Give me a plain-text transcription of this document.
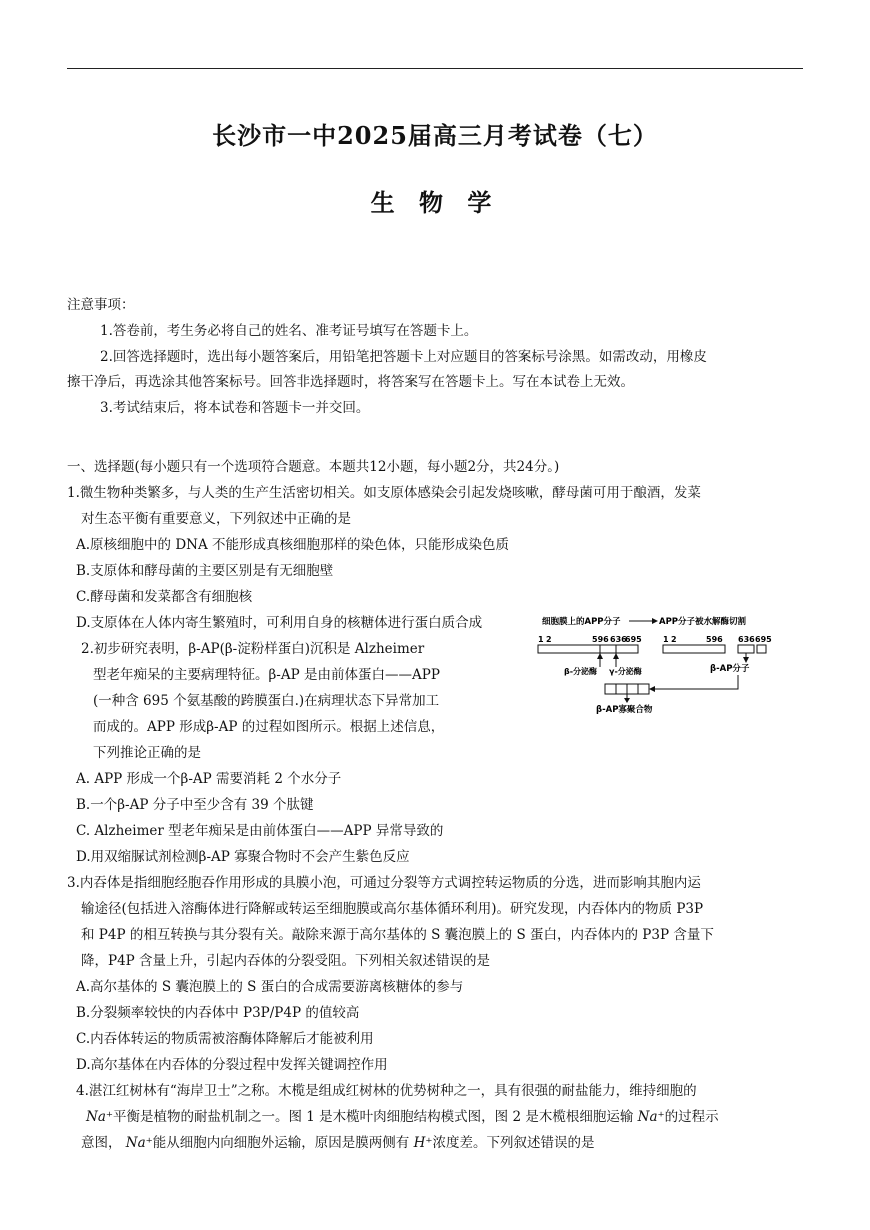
长沙市一中2025届高三月考试卷（七）
生 物 学
注意事项：
1.答卷前，考生务必将自己的姓名、准考证号填写在答题卡上。
2.回答选择题时，选出每小题答案后，用铅笔把答题卡上对应题目的答案标号涂黑。如需改动，用橡皮
擦干净后，再选涂其他答案标号。回答非选择题时，将答案写在答题卡上。写在本试卷上无效。
3.考试结束后，将本试卷和答题卡一并交回。
一、选择题(每小题只有一个选项符合题意。本题共12小题，每小题2分，共24分。)
1.微生物种类繁多，与人类的生产生活密切相关。如支原体感染会引起发烧咳嗽，酵母菌可用于酿酒，发菜
对生态平衡有重要意义，下列叙述中正确的是
A.原核细胞中的 DNA 不能形成真核细胞那样的染色体，只能形成染色质
B.支原体和酵母菌的主要区别是有无细胞壁
C.酵母菌和发菜都含有细胞核
D.支原体在人体内寄生繁殖时，可利用自身的核糖体进行蛋白质合成
2.初步研究表明，β-AP(β-淀粉样蛋白)沉积是 Alzheimer
型老年痴呆的主要病理特征。β-AP 是由前体蛋白——APP
(一种含 695 个氨基酸的跨膜蛋白.)在病理状态下异常加工
而成的。APP 形成β-AP 的过程如图所示。根据上述信息，
下列推论正确的是
A. APP 形成一个β-AP 需要消耗 2 个水分子
B.一个β-AP 分子中至少含有 39 个肽键
C. Alzheimer 型老年痴呆是由前体蛋白——APP 异常导致的
D.用双缩脲试剂检测β-AP 寡聚合物时不会产生紫色反应
细胞膜上的APP分子	APP分子被水解酶切割
1 2	596 636
695
β-分泌酶 γ-分泌酶
1 2	596 636 695
β-AP分子
β-AP寡聚合物
3.内吞体是指细胞经胞吞作用形成的具膜小泡，可通过分裂等方式调控转运物质的分选，进而影响其胞内运
输途径(包括进入溶酶体进行降解或转运至细胞膜或高尔基体循环利用)。研究发现，内吞体内的物质 P3P
和 P4P 的相互转换与其分裂有关。敲除来源于高尔基体的 S 囊泡膜上的 S 蛋白，内吞体内的 P3P 含量下
降，P4P 含量上升，引起内吞体的分裂受阻。下列相关叙述错误的是
A.高尔基体的 S 囊泡膜上的 S 蛋白的合成需要游离核糖体的参与
B.分裂频率较快的内吞体中 P3P/P4P 的值较高
C.内吞体转运的物质需被溶酶体降解后才能被利用
D.高尔基体在内吞体的分裂过程中发挥关键调控作用
4.湛江红树林有“海岸卫士”之称。木榄是组成红树林的优势树种之一，具有很强的耐盐能力，维持细胞的
Na⁺平衡是植物的耐盐机制之一。图 1 是木榄叶肉细胞结构模式图，图 2 是木榄根细胞运输 Na⁺的过程示
意图， Na⁺能从细胞内向细胞外运输，原因是膜两侧有 H⁺浓度差。下列叙述错误的是
